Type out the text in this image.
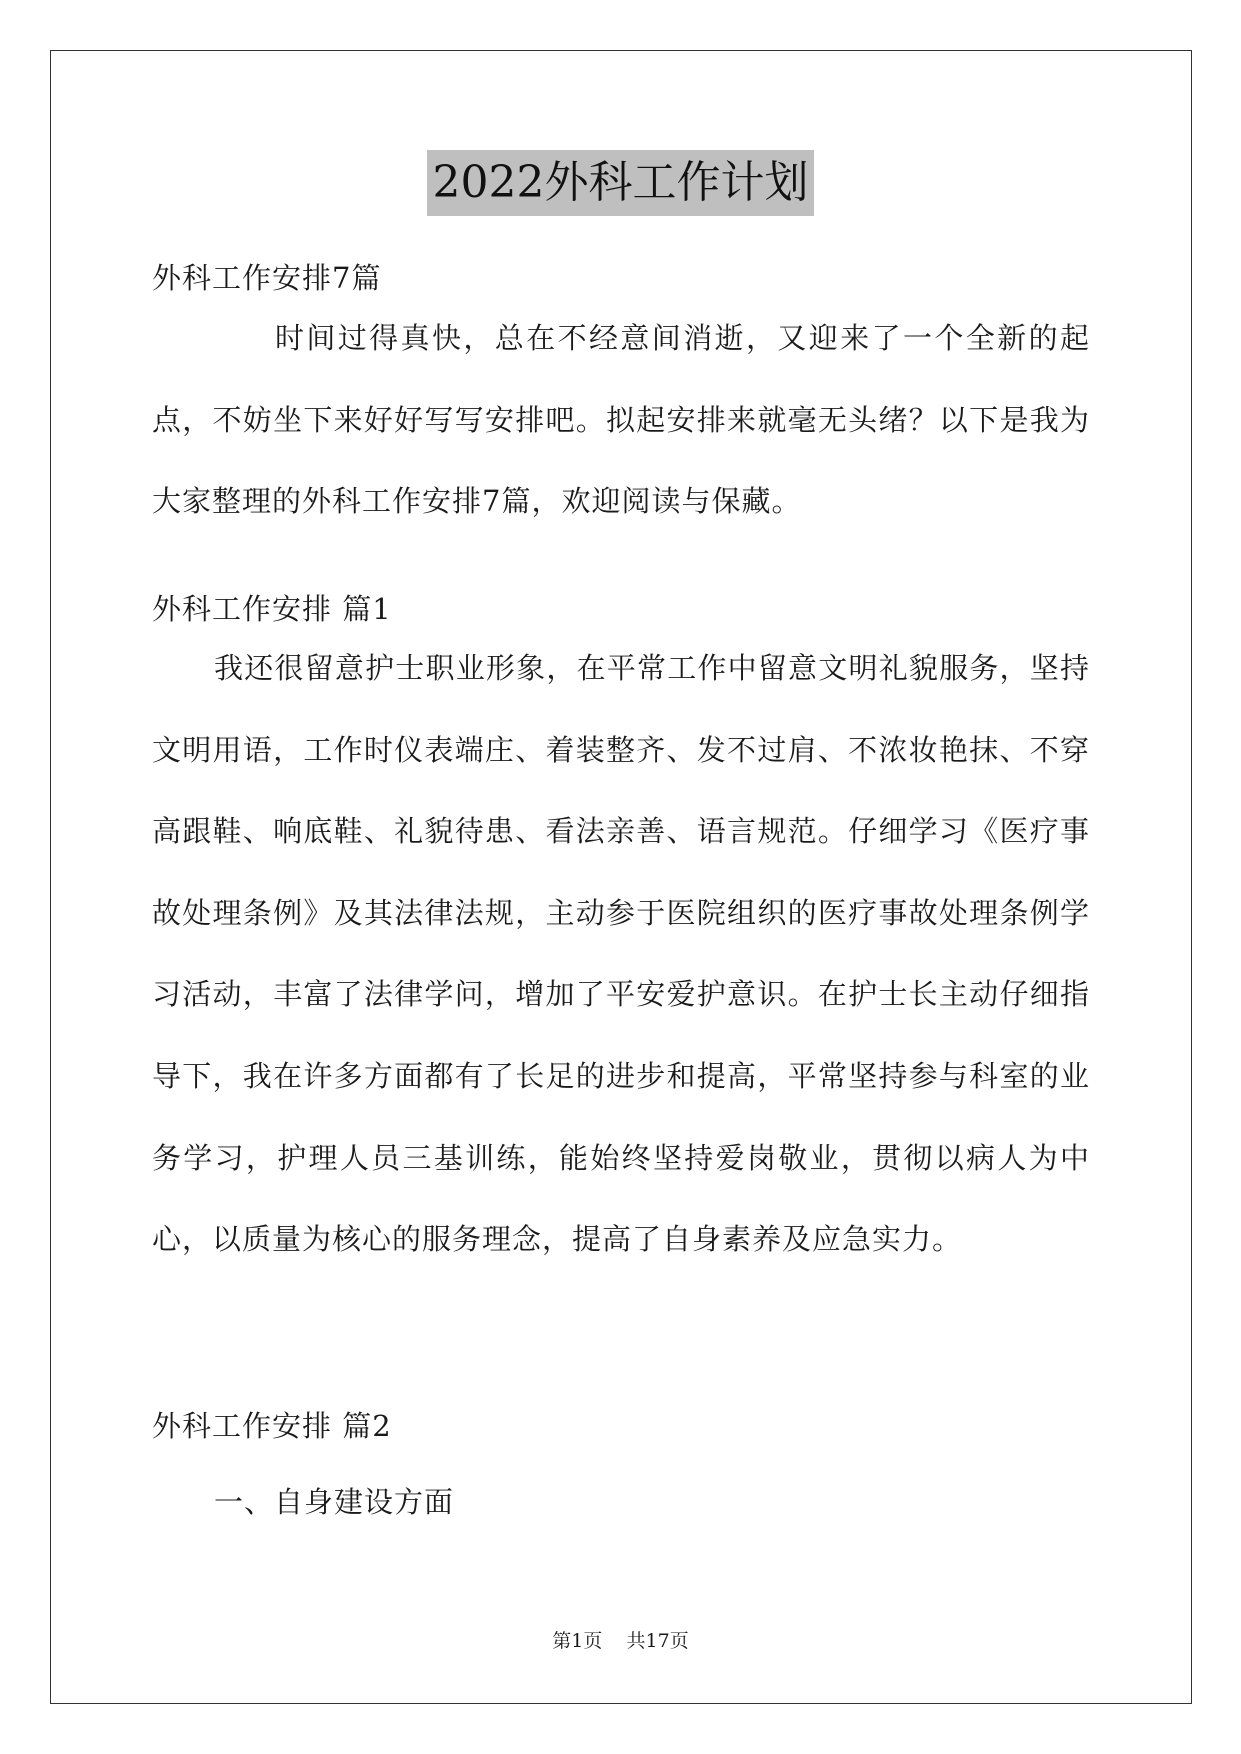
2022外科工作计划

外科工作安排7篇

时间过得真快，总在不经意间消逝，又迎来了一个全新的起点，不妨坐下来好好写写安排吧。拟起安排来就毫无头绪？以下是我为大家整理的外科工作安排7篇，欢迎阅读与保藏。

外科工作安排 篇1

我还很留意护士职业形象，在平常工作中留意文明礼貌服务，坚持文明用语，工作时仪表端庄、着装整齐、发不过肩、不浓妆艳抹、不穿高跟鞋、响底鞋、礼貌待患、看法亲善、语言规范。仔细学习《医疗事故处理条例》及其法律法规，主动参于医院组织的医疗事故处理条例学习活动，丰富了法律学问，增加了平安爱护意识。在护士长主动仔细指导下，我在许多方面都有了长足的进步和提高，平常坚持参与科室的业务学习，护理人员三基训练，能始终坚持爱岗敬业，贯彻以病人为中心，以质量为核心的服务理念，提高了自身素养及应急实力。

外科工作安排 篇2

一、自身建设方面

第1页    共17页
